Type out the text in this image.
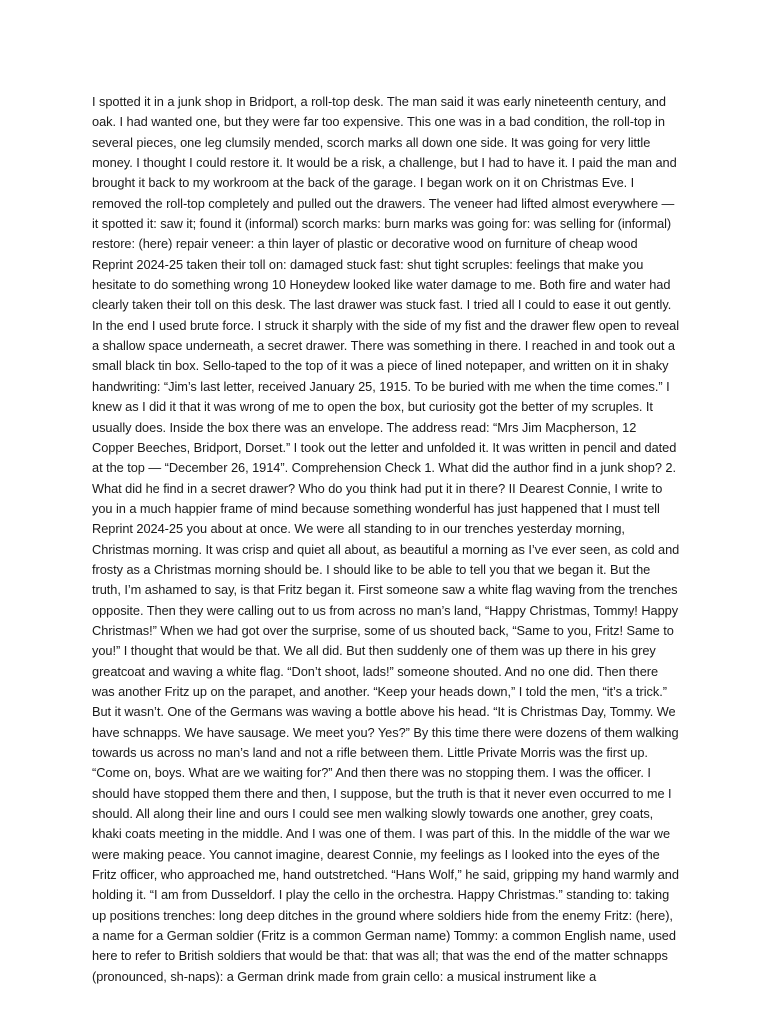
I spotted it in a junk shop in Bridport, a roll-top desk. The man said it was early nineteenth century, and oak. I had wanted one, but they were far too expensive. This one was in a bad condition, the roll-top in several pieces, one leg clumsily mended, scorch marks all down one side. It was going for very little money. I thought I could restore it. It would be a risk, a challenge, but I had to have it. I paid the man and brought it back to my workroom at the back of the garage. I began work on it on Christmas Eve. I removed the roll-top completely and pulled out the drawers. The veneer had lifted almost everywhere — it spotted it: saw it; found it (informal) scorch marks: burn marks was going for: was selling for (informal) restore: (here) repair veneer: a thin layer of plastic or decorative wood on furniture of cheap wood Reprint 2024-25 taken their toll on: damaged stuck fast: shut tight scruples: feelings that make you hesitate to do something wrong 10 Honeydew looked like water damage to me. Both fire and water had clearly taken their toll on this desk. The last drawer was stuck fast. I tried all I could to ease it out gently. In the end I used brute force. I struck it sharply with the side of my fist and the drawer flew open to reveal a shallow space underneath, a secret drawer. There was something in there. I reached in and took out a small black tin box. Sello-taped to the top of it was a piece of lined notepaper, and written on it in shaky handwriting: “Jim’s last letter, received January 25, 1915. To be buried with me when the time comes.” I knew as I did it that it was wrong of me to open the box, but curiosity got the better of my scruples. It usually does. Inside the box there was an envelope. The address read: “Mrs Jim Macpherson, 12 Copper Beeches, Bridport, Dorset.” I took out the letter and unfolded it. It was written in pencil and dated at the top — “December 26, 1914”. Comprehension Check 1. What did the author find in a junk shop? 2. What did he find in a secret drawer? Who do you think had put it in there? II Dearest Connie, I write to you in a much happier frame of mind because something wonderful has just happened that I must tell Reprint 2024-25 you about at once. We were all standing to in our trenches yesterday morning, Christmas morning. It was crisp and quiet all about, as beautiful a morning as I’ve ever seen, as cold and frosty as a Christmas morning should be. I should like to be able to tell you that we began it. But the truth, I’m ashamed to say, is that Fritz began it. First someone saw a white flag waving from the trenches opposite. Then they were calling out to us from across no man’s land, “Happy Christmas, Tommy! Happy Christmas!” When we had got over the surprise, some of us shouted back, “Same to you, Fritz! Same to you!” I thought that would be that. We all did. But then suddenly one of them was up there in his grey greatcoat and waving a white flag. “Don’t shoot, lads!” someone shouted. And no one did. Then there was another Fritz up on the parapet, and another. “Keep your heads down,” I told the men, “it’s a trick.” But it wasn’t. One of the Germans was waving a bottle above his head. “It is Christmas Day, Tommy. We have schnapps. We have sausage. We meet you? Yes?” By this time there were dozens of them walking towards us across no man’s land and not a rifle between them. Little Private Morris was the first up. “Come on, boys. What are we waiting for?” And then there was no stopping them. I was the officer. I should have stopped them there and then, I suppose, but the truth is that it never even occurred to me I should. All along their line and ours I could see men walking slowly towards one another, grey coats, khaki coats meeting in the middle. And I was one of them. I was part of this. In the middle of the war we were making peace. You cannot imagine, dearest Connie, my feelings as I looked into the eyes of the Fritz officer, who approached me, hand outstretched. “Hans Wolf,” he said, gripping my hand warmly and holding it. “I am from Dusseldorf. I play the cello in the orchestra. Happy Christmas.” standing to: taking up positions trenches: long deep ditches in the ground where soldiers hide from the enemy Fritz: (here), a name for a German soldier (Fritz is a common German name) Tommy: a common English name, used here to refer to British soldiers that would be that: that was all; that was the end of the matter schnapps (pronounced, sh-naps): a German drink made from grain cello: a musical instrument like a
